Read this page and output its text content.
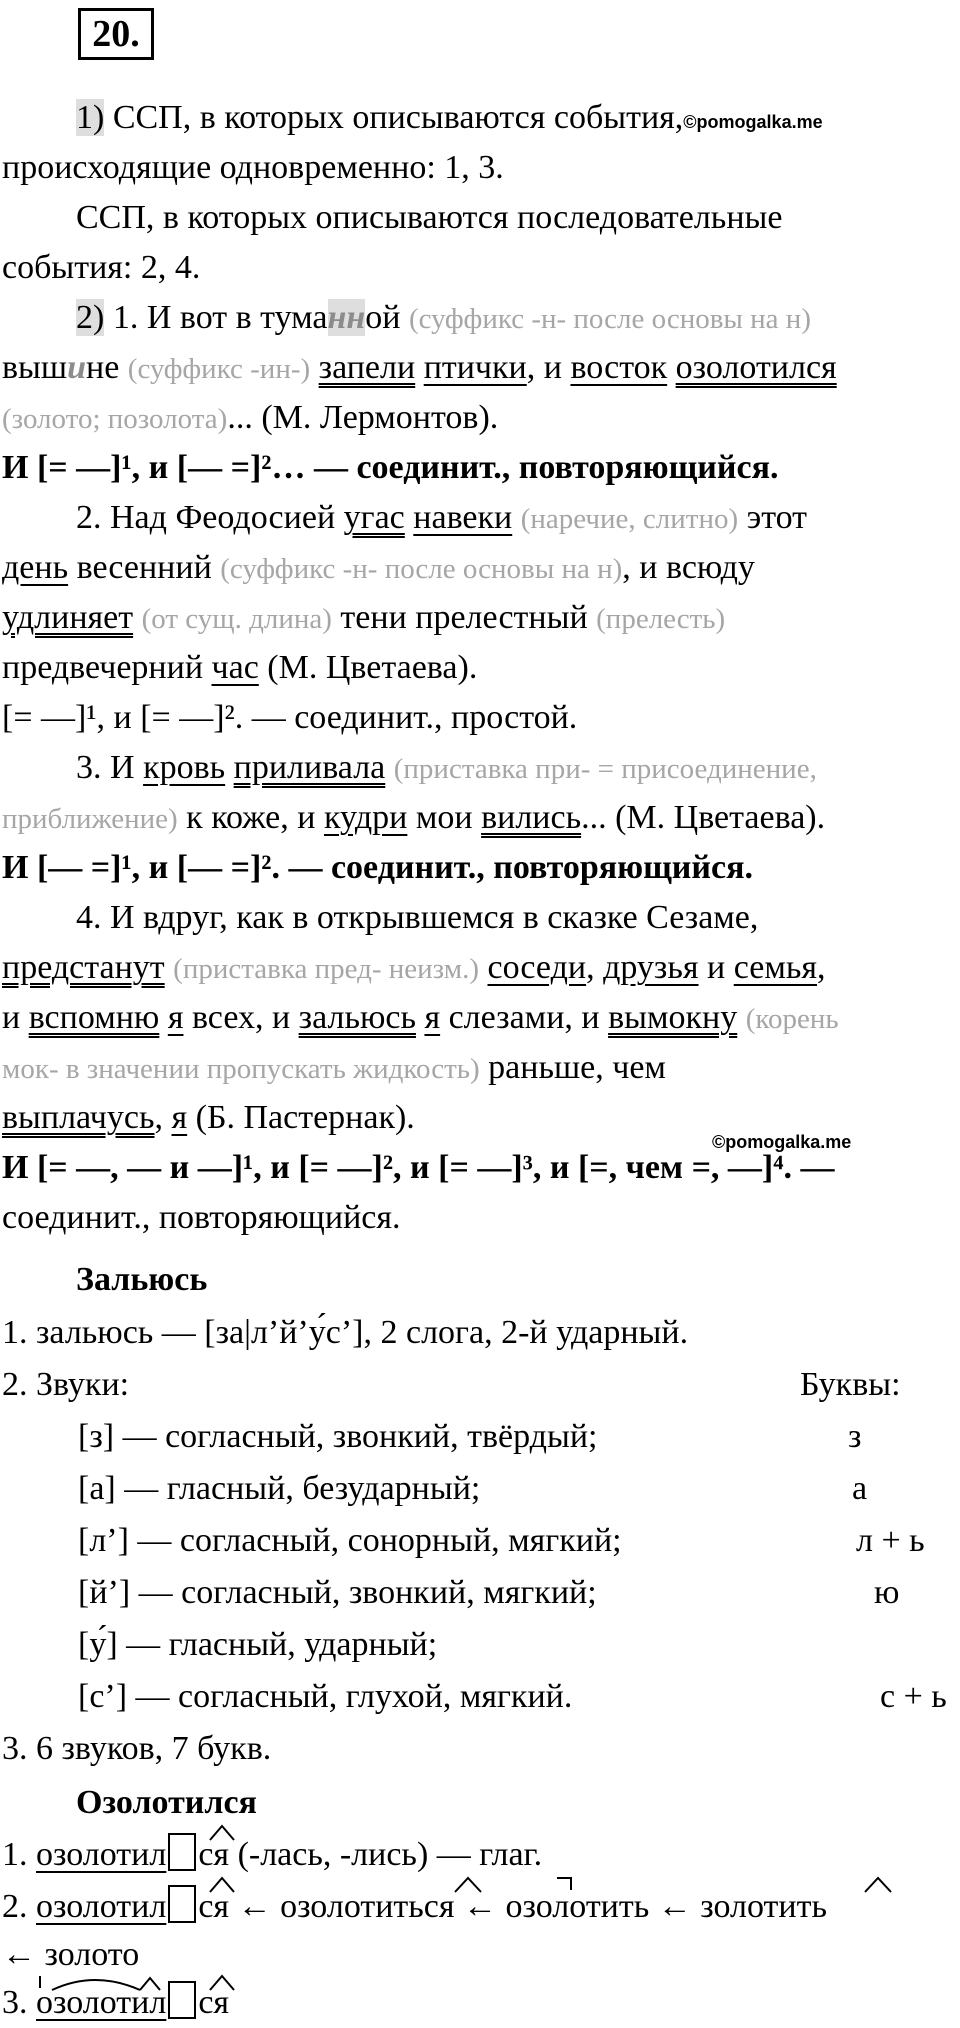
20.
1) ССП, в которых описываются события,©pomogalka.me
происходящие одновременно: 1, 3.
ССП, в которых описываются последовательные
события: 2, 4.
2) 1. И вот в туманной (суффикс -н- после основы на н)
вышине (суффикс -ин-) запели птички, и восток озолотился
(золото; позолота)... (М. Лермонтов).
И [= —]¹, и [— =]²… — соединит., повторяющийся.
2. Над Феодосией угас навеки (наречие, слитно) этот
день весенний (суффикс -н- после основы на н), и всюду
удлиняет (от сущ. длина) тени прелестный (прелесть)
предвечерний час (М. Цветаева).
[= —]¹, и [= —]². — соединит., простой.
3. И кровь приливала (приставка при- = присоединение,
приближение) к коже, и кудри мои вились... (М. Цветаева).
И [— =]¹, и [— =]². — соединит., повторяющийся.
4. И вдруг, как в открывшемся в сказке Сезаме,
предстанут (приставка пред- неизм.) соседи, друзья и семья,
и вспомню я всех, и зальюсь я слезами, и вымокну (корень
мок- в значении пропускать жидкость) раньше, чем
выплачусь, я (Б. Пастернак).
©pomogalka.me
И [= —, — и —]¹, и [= —]², и [= —]³, и [=, чем =, —]⁴. —
соединит., повторяющийся.
Зальюсь
1. зальюсь — [за|л’й’у́с’], 2 слога, 2-й ударный.
2. Звуки:	Буквы:
[з] — согласный, звонкий, твёрдый;	з
[а] — гласный, безударный;	а
[л’] — согласный, сонорный, мягкий;	л + ь
[й’] — согласный, звонкий, мягкий;	ю
[у́] — гласный, ударный;
[с’] — согласный, глухой, мягкий.	с + ь
3. 6 звуков, 7 букв.
Озолотился
1. озолотил ся (-лась, -лись) — глаг.
2. озолотил ся ← озолотиться ← озолотить ← золотить
← золото
3. озолотил ся
